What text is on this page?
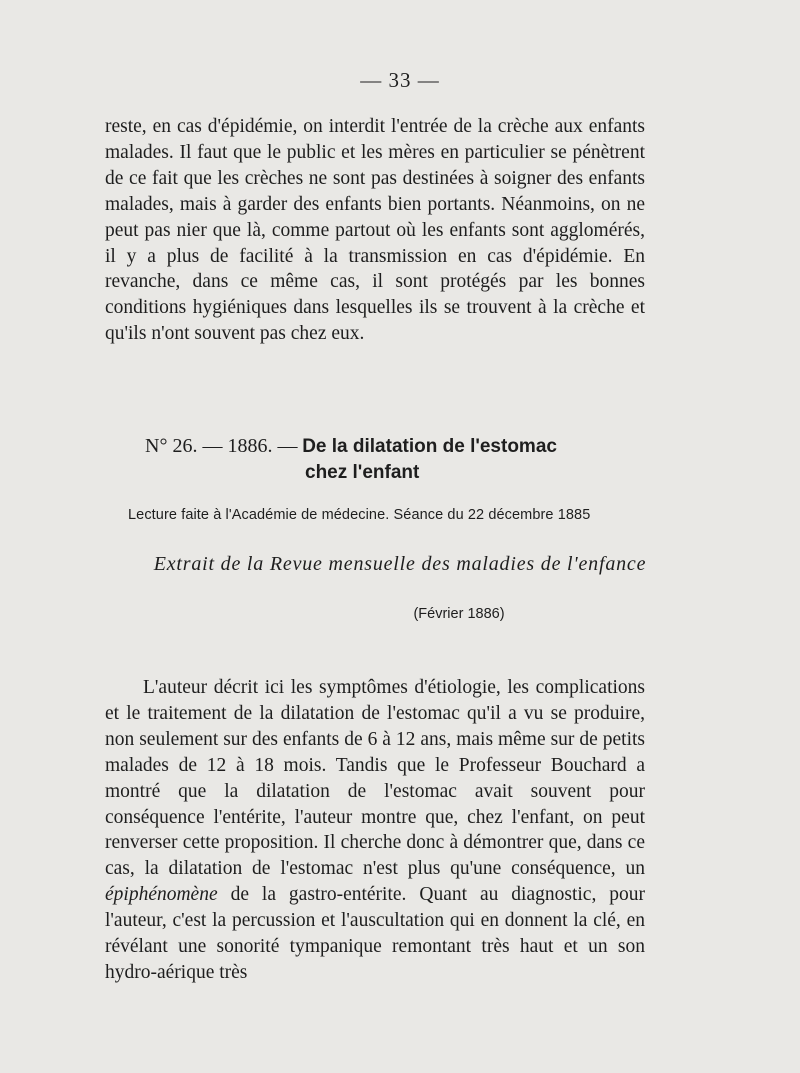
— 33 —

reste, en cas d'épidémie, on interdit l'entrée de la crèche aux enfants malades. Il faut que le public et les mères en particulier se pénètrent de ce fait que les crèches ne sont pas destinées à soigner des enfants malades, mais à garder des enfants bien portants. Néanmoins, on ne peut pas nier que là, comme partout où les enfants sont agglomérés, il y a plus de facilité à la transmission en cas d'épidémie. En revanche, dans ce même cas, il sont protégés par les bonnes conditions hygiéniques dans lesquelles ils se trouvent à la crèche et qu'ils n'ont souvent pas chez eux.

N° 26. — 1886. — De la dilatation de l'estomac
chez l'enfant
Lecture faite à l'Académie de médecine. Séance du 22 décembre 1885
Extrait de la Revue mensuelle des maladies de l'enfance
(Février 1886)

L'auteur décrit ici les symptômes d'étiologie, les complications et le traitement de la dilatation de l'estomac qu'il a vu se produire, non seulement sur des enfants de 6 à 12 ans, mais même sur de petits malades de 12 à 18 mois. Tandis que le Professeur Bouchard a montré que la dilatation de l'estomac avait souvent pour conséquence l'entérite, l'auteur montre que, chez l'enfant, on peut renverser cette proposition. Il cherche donc à démontrer que, dans ce cas, la dilatation de l'estomac n'est plus qu'une conséquence, un épiphénomène de la gastro-entérite. Quant au diagnostic, pour l'auteur, c'est la percussion et l'auscultation qui en donnent la clé, en révélant une sonorité tympanique remontant très haut et un son hydro-aérique très
